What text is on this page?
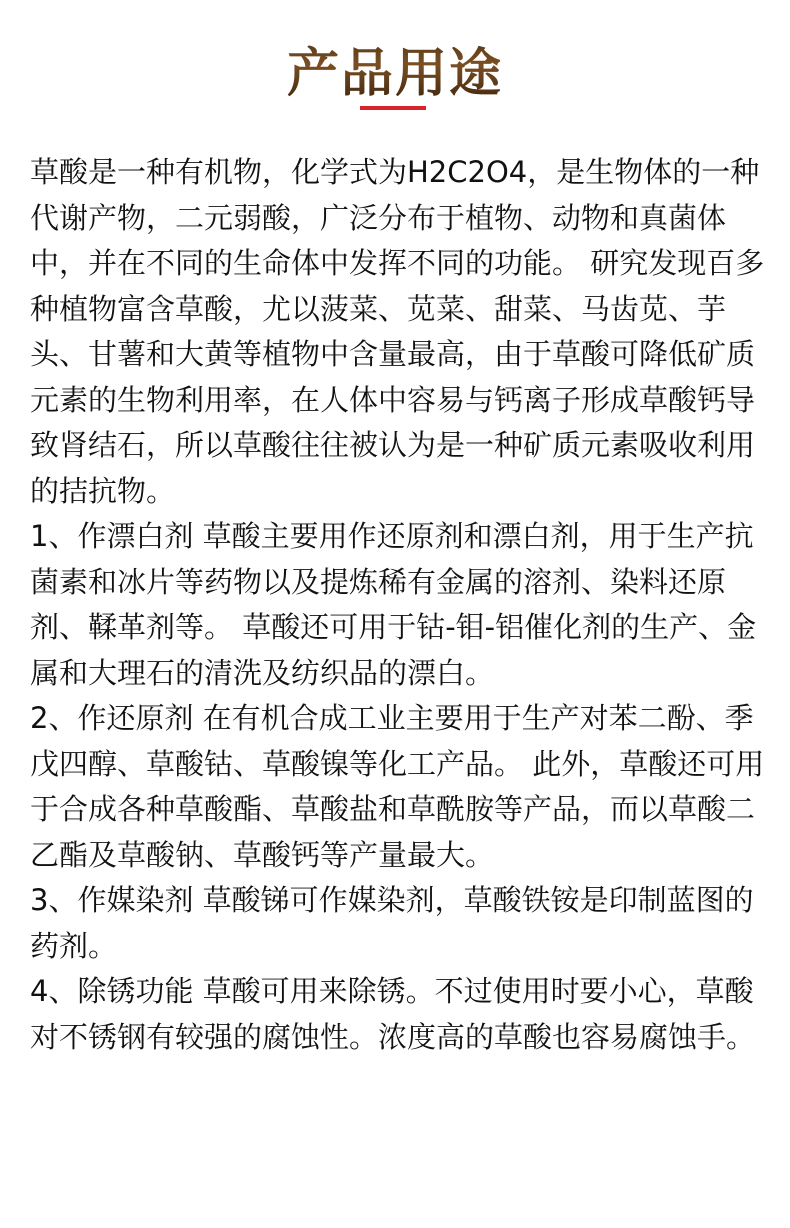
产品用途

草酸是一种有机物，化学式为H2C2O4，是生物体的一种代谢产物，二元弱酸，广泛分布于植物、动物和真菌体中，并在不同的生命体中发挥不同的功能。 研究发现百多种植物富含草酸，尤以菠菜、苋菜、甜菜、马齿苋、芋头、甘薯和大黄等植物中含量最高，由于草酸可降低矿质元素的生物利用率，在人体中容易与钙离子形成草酸钙导致肾结石，所以草酸往往被认为是一种矿质元素吸收利用的拮抗物。

1、作漂白剂 草酸主要用作还原剂和漂白剂，用于生产抗菌素和冰片等药物以及提炼稀有金属的溶剂、染料还原剂、鞣革剂等。 草酸还可用于钴-钼-铝催化剂的生产、金属和大理石的清洗及纺织品的漂白。

2、作还原剂 在有机合成工业主要用于生产对苯二酚、季戊四醇、草酸钴、草酸镍等化工产品。 此外，草酸还可用于合成各种草酸酯、草酸盐和草酰胺等产品，而以草酸二乙酯及草酸钠、草酸钙等产量最大。

3、作媒染剂 草酸锑可作媒染剂，草酸铁铵是印制蓝图的药剂。

4、除锈功能 草酸可用来除锈。不过使用时要小心，草酸对不锈钢有较强的腐蚀性。浓度高的草酸也容易腐蚀手。
